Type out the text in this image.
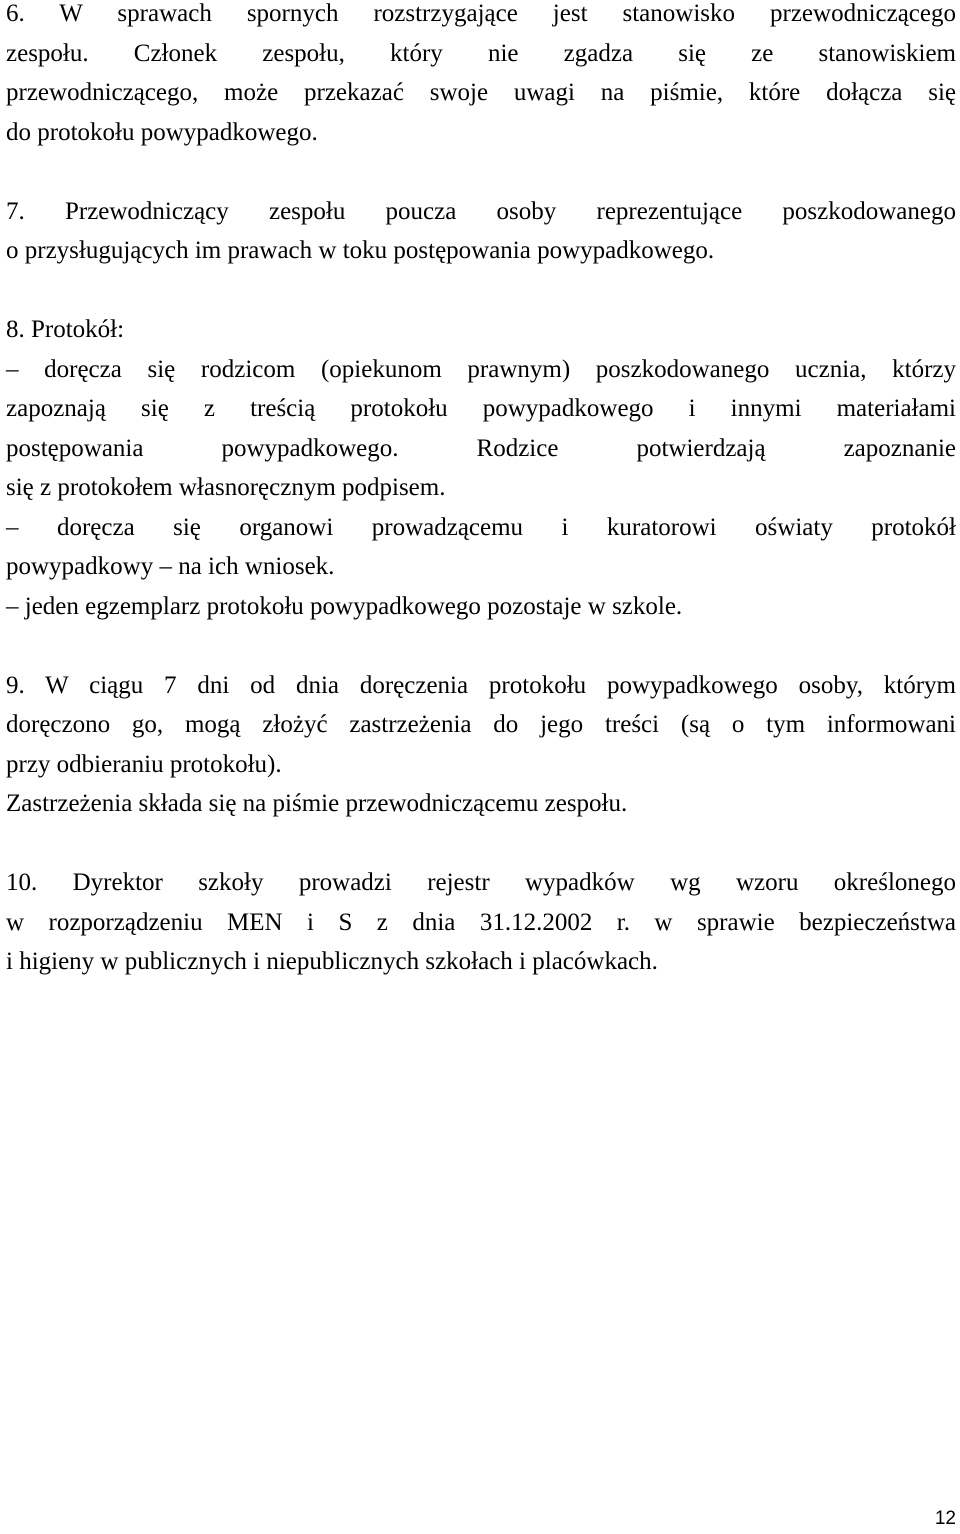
6. W sprawach spornych rozstrzygające jest stanowisko przewodniczącego
zespołu. Członek zespołu, który nie zgadza się ze stanowiskiem
przewodniczącego, może przekazać swoje uwagi na piśmie, które dołącza się
do protokołu powypadkowego.
7. Przewodniczący zespołu poucza osoby reprezentujące poszkodowanego
o przysługujących im prawach w toku postępowania powypadkowego.
8. Protokół:
– doręcza się rodzicom (opiekunom prawnym) poszkodowanego ucznia, którzy
zapoznają się z treścią protokołu powypadkowego i innymi materiałami
postępowania powypadkowego. Rodzice potwierdzają zapoznanie
się z protokołem własnoręcznym podpisem.
– doręcza się organowi prowadzącemu i kuratorowi oświaty protokół
powypadkowy – na ich wniosek.
– jeden egzemplarz protokołu powypadkowego pozostaje w szkole.
9. W ciągu 7 dni od dnia doręczenia protokołu powypadkowego osoby, którym
doręczono go, mogą złożyć zastrzeżenia do jego treści (są o tym informowani
przy odbieraniu protokołu).
Zastrzeżenia składa się na piśmie przewodniczącemu zespołu.
10. Dyrektor szkoły prowadzi rejestr wypadków wg wzoru określonego
w rozporządzeniu MEN i S z dnia 31.12.2002 r. w sprawie bezpieczeństwa
i higieny w publicznych i niepublicznych szkołach i placówkach.
12
